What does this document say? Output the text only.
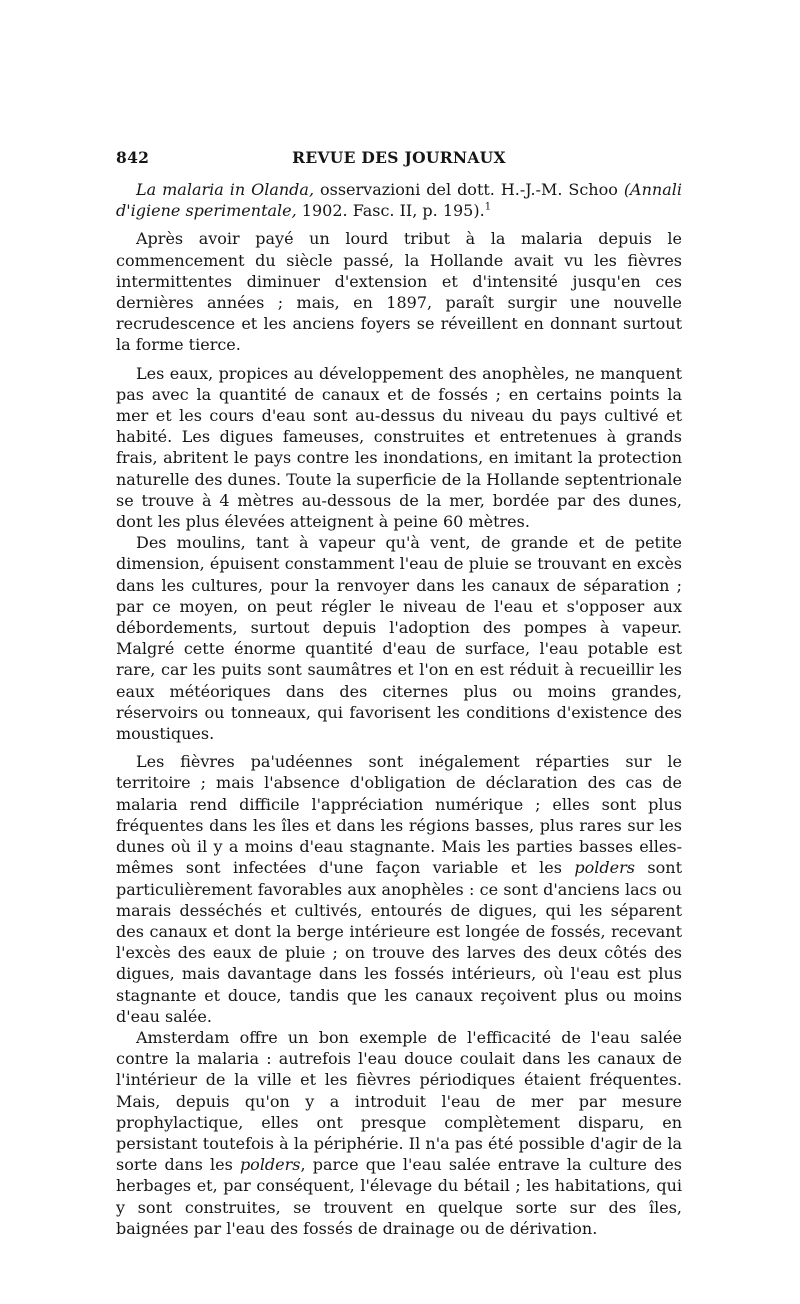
842	REVUE DES JOURNAUX
La malaria in Olanda, osservazioni del dott. H.-J.-M. Schoo (Annali d'igiene sperimentale, 1902. Fasc. II, p. 195).$^1$

Après avoir payé un lourd tribut à la malaria depuis le commencement du siècle passé, la Hollande avait vu les fièvres intermittentes diminuer d'extension et d'intensité jusqu'en ces dernières années ; mais, en 1897, paraît surgir une nouvelle recrudescence et les anciens foyers se réveillent en donnant surtout la forme tierce.

Les eaux, propices au développement des anophèles, ne manquent pas avec la quantité de canaux et de fossés ; en certains points la mer et les cours d'eau sont au-dessus du niveau du pays cultivé et habité. Les digues fameuses, construites et entretenues à grands frais, abritent le pays contre les inondations, en imitant la protection naturelle des dunes. Toute la superficie de la Hollande septentrionale se trouve à 4 mètres au-dessous de la mer, bordée par des dunes, dont les plus élevées atteignent à peine 60 mètres.

Des moulins, tant à vapeur qu'à vent, de grande et de petite dimension, épuisent constamment l'eau de pluie se trouvant en excès dans les cultures, pour la renvoyer dans les canaux de séparation ; par ce moyen, on peut régler le niveau de l'eau et s'opposer aux débordements, surtout depuis l'adoption des pompes à vapeur. Malgré cette énorme quantité d'eau de surface, l'eau potable est rare, car les puits sont saumâtres et l'on en est réduit à recueillir les eaux météoriques dans des citernes plus ou moins grandes, réservoirs ou tonneaux, qui favorisent les conditions d'existence des moustiques.

Les fièvres pa'udéennes sont inégalement réparties sur le territoire ; mais l'absence d'obligation de déclaration des cas de malaria rend difficile l'appréciation numérique ; elles sont plus fréquentes dans les îles et dans les régions basses, plus rares sur les dunes où il y a moins d'eau stagnante. Mais les parties basses elles-mêmes sont infectées d'une façon variable et les polders sont particulièrement favorables aux anophèles : ce sont d'anciens lacs ou marais desséchés et cultivés, entourés de digues, qui les séparent des canaux et dont la berge intérieure est longée de fossés, recevant l'excès des eaux de pluie ; on trouve des larves des deux côtés des digues, mais davantage dans les fossés intérieurs, où l'eau est plus stagnante et douce, tandis que les canaux reçoivent plus ou moins d'eau salée.

Amsterdam offre un bon exemple de l'efficacité de l'eau salée contre la malaria : autrefois l'eau douce coulait dans les canaux de l'intérieur de la ville et les fièvres périodiques étaient fréquentes. Mais, depuis qu'on y a introduit l'eau de mer par mesure prophylactique, elles ont presque complètement disparu, en persistant toutefois à la périphérie. Il n'a pas été possible d'agir de la sorte dans les polders, parce que l'eau salée entrave la culture des herbages et, par conséquent, l'élevage du bétail ; les habitations, qui y sont construites, se trouvent en quelque sorte sur des îles, baignées par l'eau des fossés de drainage ou de dérivation.
